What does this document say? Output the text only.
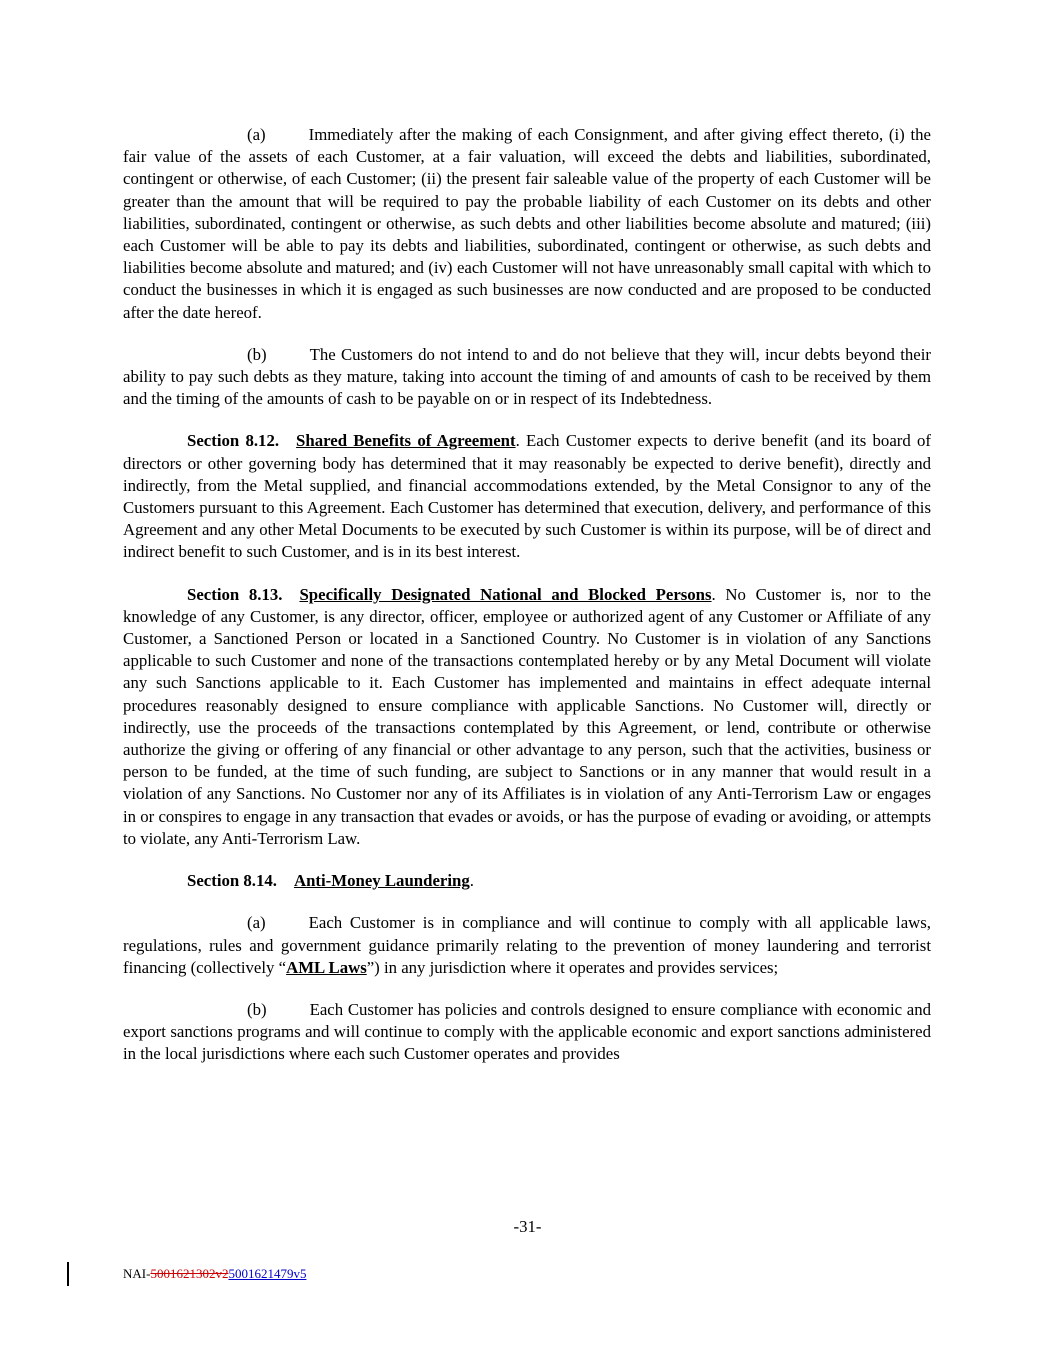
(a)	Immediately after the making of each Consignment, and after giving effect thereto, (i) the fair value of the assets of each Customer, at a fair valuation, will exceed the debts and liabilities, subordinated, contingent or otherwise, of each Customer; (ii) the present fair saleable value of the property of each Customer will be greater than the amount that will be required to pay the probable liability of each Customer on its debts and other liabilities, subordinated, contingent or otherwise, as such debts and other liabilities become absolute and matured; (iii) each Customer will be able to pay its debts and liabilities, subordinated, contingent or otherwise, as such debts and liabilities become absolute and matured; and (iv) each Customer will not have unreasonably small capital with which to conduct the businesses in which it is engaged as such businesses are now conducted and are proposed to be conducted after the date hereof.

(b)	The Customers do not intend to and do not believe that they will, incur debts beyond their ability to pay such debts as they mature, taking into account the timing of and amounts of cash to be received by them and the timing of the amounts of cash to be payable on or in respect of its Indebtedness.

Section 8.12. Shared Benefits of Agreement. Each Customer expects to derive benefit (and its board of directors or other governing body has determined that it may reasonably be expected to derive benefit), directly and indirectly, from the Metal supplied, and financial accommodations extended, by the Metal Consignor to any of the Customers pursuant to this Agreement. Each Customer has determined that execution, delivery, and performance of this Agreement and any other Metal Documents to be executed by such Customer is within its purpose, will be of direct and indirect benefit to such Customer, and is in its best interest.

Section 8.13. Specifically Designated National and Blocked Persons. No Customer is, nor to the knowledge of any Customer, is any director, officer, employee or authorized agent of any Customer or Affiliate of any Customer, a Sanctioned Person or located in a Sanctioned Country. No Customer is in violation of any Sanctions applicable to such Customer and none of the transactions contemplated hereby or by any Metal Document will violate any such Sanctions applicable to it. Each Customer has implemented and maintains in effect adequate internal procedures reasonably designed to ensure compliance with applicable Sanctions. No Customer will, directly or indirectly, use the proceeds of the transactions contemplated by this Agreement, or lend, contribute or otherwise authorize the giving or offering of any financial or other advantage to any person, such that the activities, business or person to be funded, at the time of such funding, are subject to Sanctions or in any manner that would result in a violation of any Sanctions. No Customer nor any of its Affiliates is in violation of any Anti-Terrorism Law or engages in or conspires to engage in any transaction that evades or avoids, or has the purpose of evading or avoiding, or attempts to violate, any Anti-Terrorism Law.

Section 8.14. Anti-Money Laundering.

(a)	Each Customer is in compliance and will continue to comply with all applicable laws, regulations, rules and government guidance primarily relating to the prevention of money laundering and terrorist financing (collectively “AML Laws”) in any jurisdiction where it operates and provides services;

(b)	Each Customer has policies and controls designed to ensure compliance with economic and export sanctions programs and will continue to comply with the applicable economic and export sanctions administered in the local jurisdictions where each such Customer operates and provides

-31-
NAI-5001621302v25001621479v5
